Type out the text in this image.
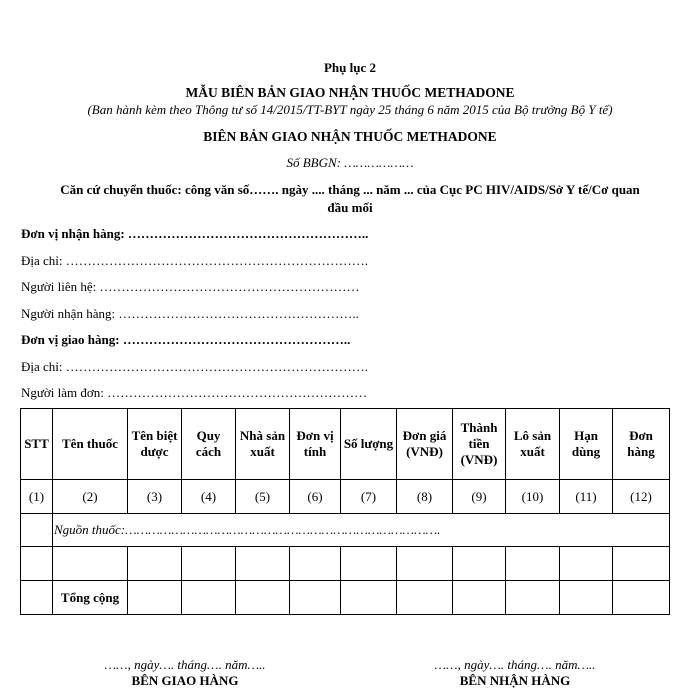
Phụ lục 2
MẪU BIÊN BẢN GIAO NHẬN THUỐC METHADONE
(Ban hành kèm theo Thông tư số 14/2015/TT-BYT ngày 25 tháng 6 năm 2015 của Bộ trưởng Bộ Y tế)
BIÊN BẢN GIAO NHẬN THUỐC METHADONE
Số BBGN: ………………
Căn cứ chuyển thuốc: công văn số……. ngày .... tháng ... năm ... của Cục PC HIV/AIDS/Sở Y tế/Cơ quan
đầu mối
Đơn vị nhận hàng: ………………………………………………..
Địa chỉ: …………………………………………………………….
Người liên hệ: ……………………………………………………
Người nhận hàng: ………………………………………………..
Đơn vị giao hàng: ……………………………………………..
Địa chỉ: …………………………………………………………….
Người làm đơn: ……………………………………………………
STT	Tên thuốc	Tên biệt dược	Quy cách	Nhà sản xuất	Đơn vị tính	Số lượng	Đơn giá (VNĐ)	Thành tiền (VNĐ)	Lô sản xuất	Hạn dùng	Đơn hàng
(1)	(2)	(3)	(4)	(5)	(6)	(7)	(8)	(9)	(10)	(11)	(12)
	Nguồn thuốc:……………………………………………………………………….										

	Tổng cộng										
……, ngày…. tháng…. năm…..
BÊN GIAO HÀNG
……, ngày…. tháng…. năm…..
BÊN NHẬN HÀNG
